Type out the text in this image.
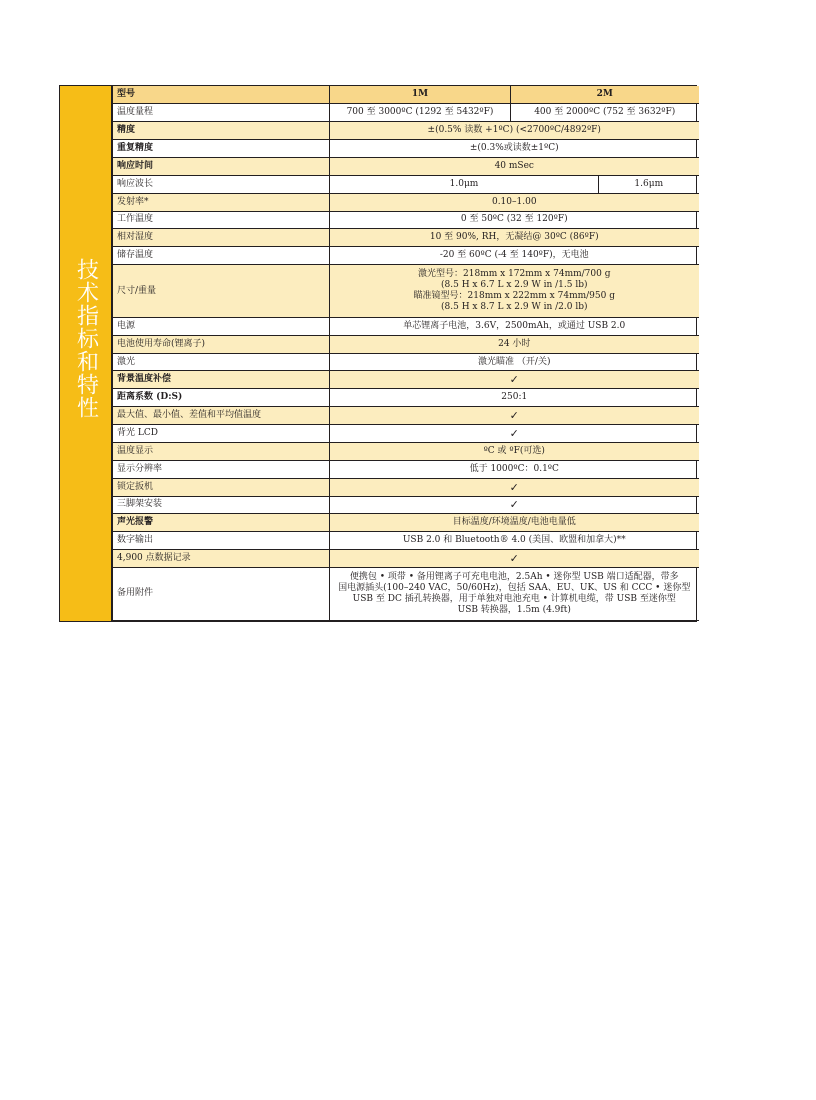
技术指标和特性
型号	1M	2M	
温度量程	700 至 3000ºC (1292 至 5432ºF)	400 至 2000ºC (752 至 3632ºF)	
精度	±(0.5% 读数 +1ºC) (<2700ºC/4892ºF)		
重复精度	±(0.3%或读数±1ºC)		
响应时间	40 mSec		
响应波长	1.0μm		1.6μm
发射率*	0.10–1.00		
工作温度	0 至 50ºC (32 至 120ºF)		
相对湿度	10 至 90%, RH，无凝结@ 30ºC (86ºF)		
储存温度	-20 至 60ºC (-4 至 140ºF)，无电池		
尺寸/重量	激光型号：218mm x 172mm x 74mm/700 g
(8.5 H x 6.7 L x 2.9 W in /1.5 lb)
瞄准镜型号：218mm x 222mm x 74mm/950 g
(8.5 H x 8.7 L x 2.9 W in /2.0 lb)		

电源	单芯锂离子电池，3.6V，2500mAh，或通过 USB 2.0		
电池使用寿命(锂离子)	24 小时		
激光	激光瞄准 （开/关)		
背景温度补偿	✓		
距离系数 (D:S)	250:1		
最大值、最小值、差值和平均值温度	✓		
背光 LCD	✓		
温度显示	ºC 或 ºF(可选)		
显示分辨率	低于 1000ºC：0.1ºC		
锁定扳机	✓		
三脚架安装	✓		
声光报警	目标温度/环境温度/电池电量低		
数字输出	USB 2.0 和 Bluetooth® 4.0 (美国、欧盟和加拿大)**		
4,900 点数据记录	✓		
备用附件	便携包 • 项带 • 备用锂离子可充电电池，2.5Ah • 迷你型 USB 端口适配器，带多
国电源插头(100–240 VAC，50/60Hz)，包括 SAA、EU、UK、US 和 CCC • 迷你型
USB 至 DC 插孔转换器，用于单独对电池充电 • 计算机电缆，带 USB 至迷你型
USB 转换器，1.5m (4.9ft)		
